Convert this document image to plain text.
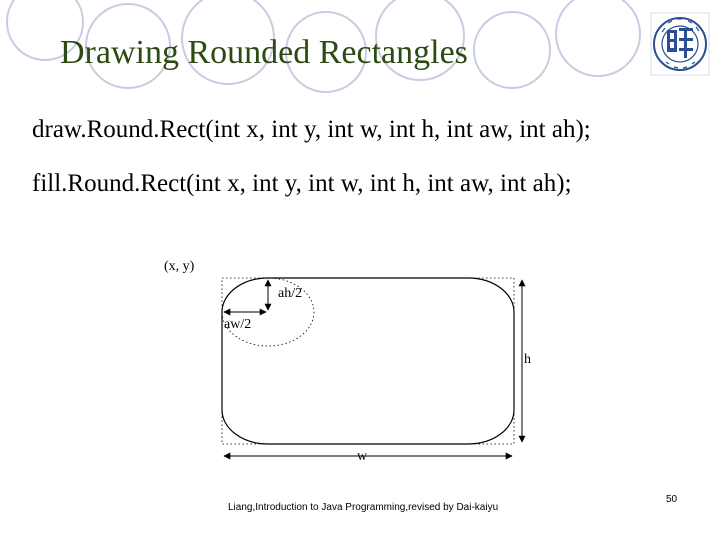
Drawing Rounded Rectangles
draw.Round.Rect(int x, int y, int w, int h, int aw, int ah);
fill.Round.Rect(int x, int y, int w, int h, int aw, int ah);
(x, y)
ah/2
aw/2
h
w
Liang,Introduction to Java Programming,revised by Dai-kaiyu
50
